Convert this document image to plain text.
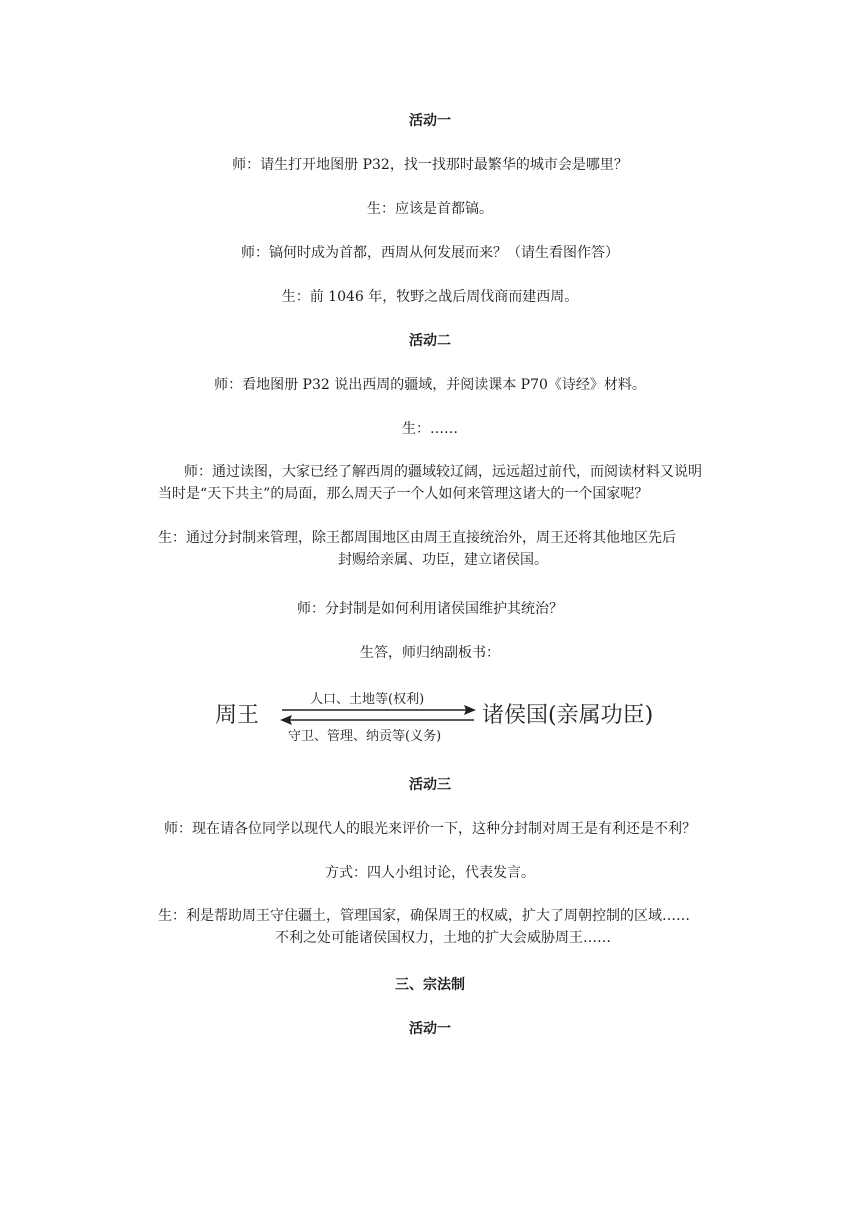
活动一
师：请生打开地图册 P32，找一找那时最繁华的城市会是哪里？
生：应该是首都镐。
师：镐何时成为首都，西周从何发展而来？（请生看图作答）
生：前 1046 年，牧野之战后周伐商而建西周。
活动二
师：看地图册 P32 说出西周的疆域，并阅读课本 P70《诗经》材料。
生：……
师：通过读图，大家已经了解西周的疆域较辽阔，远远超过前代，而阅读材料又说明
当时是“天下共主”的局面，那么周天子一个人如何来管理这诸大的一个国家呢？
生：通过分封制来管理，除王都周围地区由周王直接统治外，周王还将其他地区先后
封赐给亲属、功臣，建立诸侯国。
师：分封制是如何利用诸侯国维护其统治？
生答，师归纳副板书：
周王
人口、土地等(权利)
守卫、管理、纳贡等(义务)
诸侯国(亲属功臣)
活动三
师：现在请各位同学以现代人的眼光来评价一下，这种分封制对周王是有利还是不利？
方式：四人小组讨论，代表发言。
生：利是帮助周王守住疆土，管理国家，确保周王的权威，扩大了周朝控制的区域……
不利之处可能诸侯国权力，土地的扩大会威胁周王……
三、宗法制
活动一
